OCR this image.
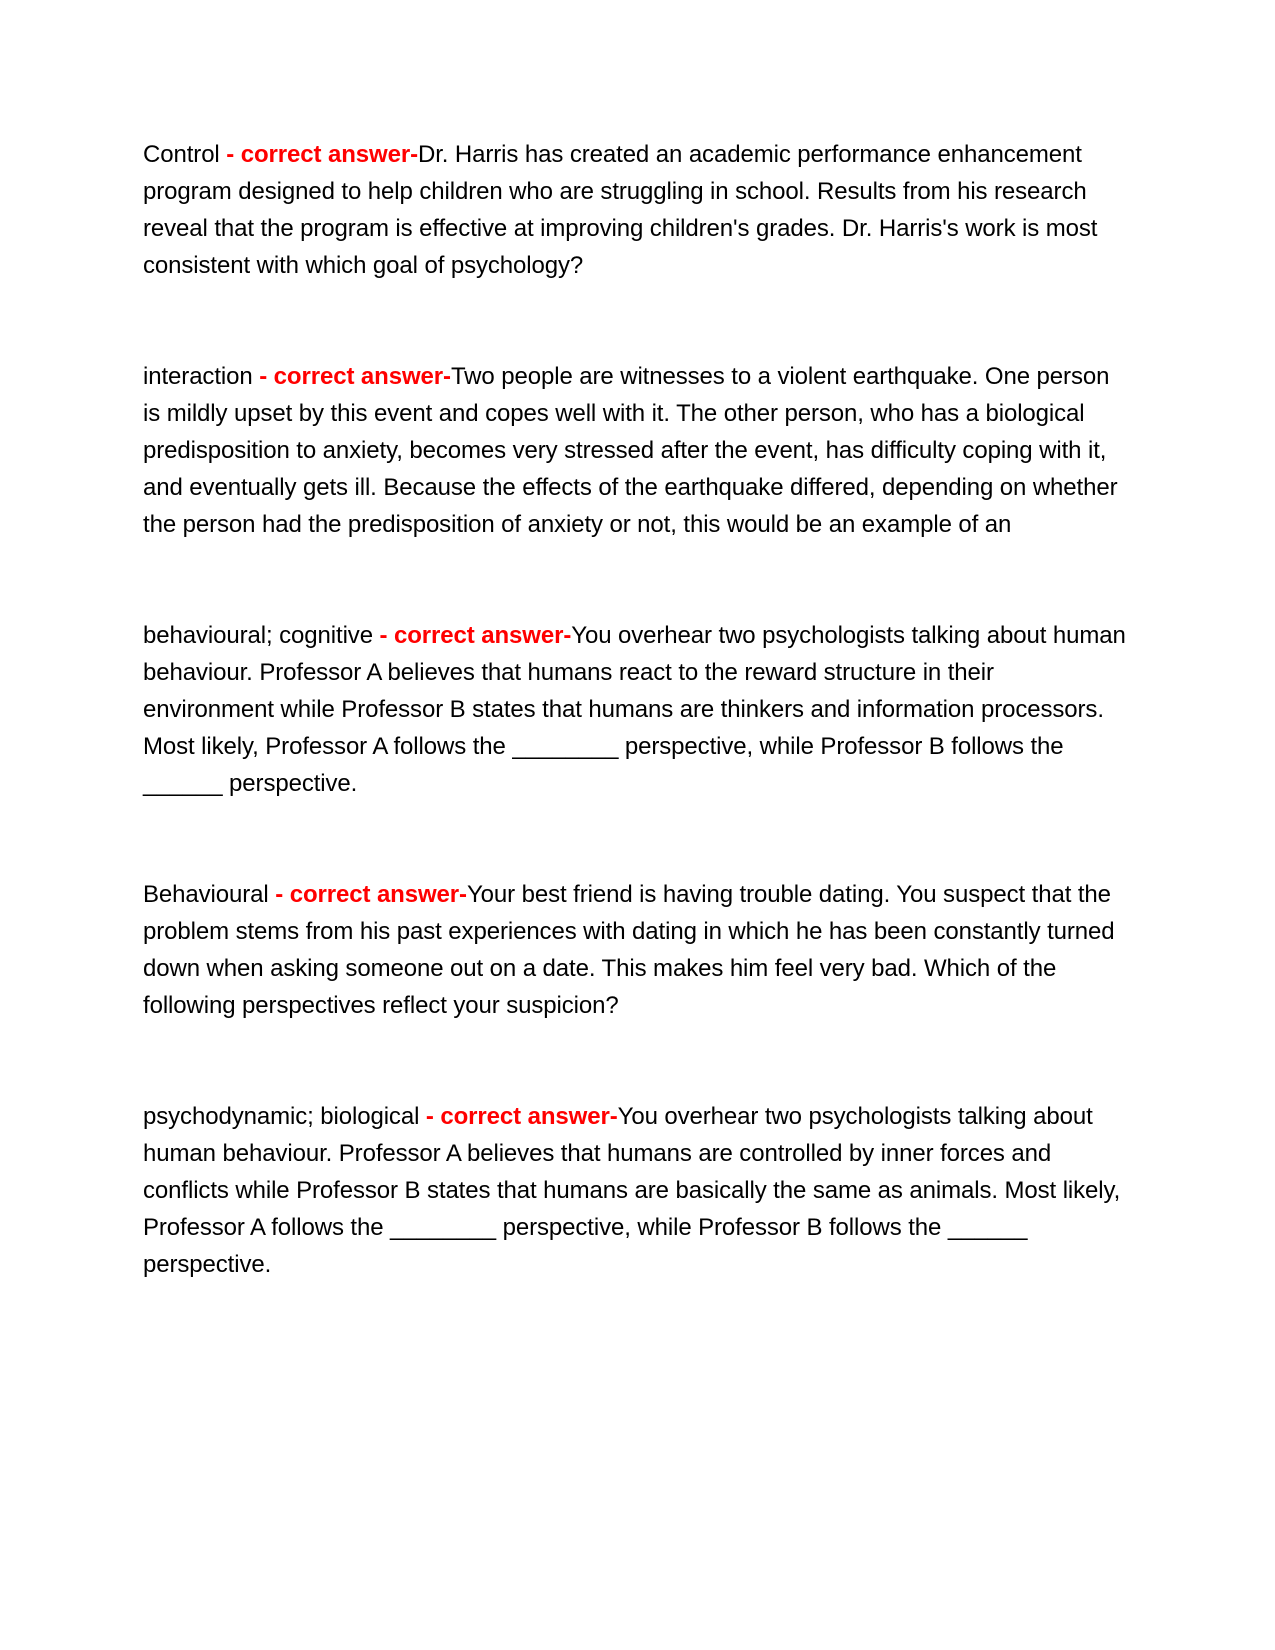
Control - correct answer-Dr. Harris has created an academic performance enhancement program designed to help children who are struggling in school. Results from his research reveal that the program is effective at improving children's grades. Dr. Harris's work is most consistent with which goal of psychology?

interaction - correct answer-Two people are witnesses to a violent earthquake. One person is mildly upset by this event and copes well with it. The other person, who has a biological predisposition to anxiety, becomes very stressed after the event, has difficulty coping with it, and eventually gets ill. Because the effects of the earthquake differed, depending on whether the person had the predisposition of anxiety or not, this would be an example of an

behavioural; cognitive - correct answer-You overhear two psychologists talking about human behaviour. Professor A believes that humans react to the reward structure in their environment while Professor B states that humans are thinkers and information processors. Most likely, Professor A follows the ________ perspective, while Professor B follows the ______ perspective.

Behavioural - correct answer-Your best friend is having trouble dating. You suspect that the problem stems from his past experiences with dating in which he has been constantly turned down when asking someone out on a date. This makes him feel very bad. Which of the following perspectives reflect your suspicion?

psychodynamic; biological - correct answer-You overhear two psychologists talking about human behaviour. Professor A believes that humans are controlled by inner forces and conflicts while Professor B states that humans are basically the same as animals. Most likely, Professor A follows the ________ perspective, while Professor B follows the ______ perspective.
